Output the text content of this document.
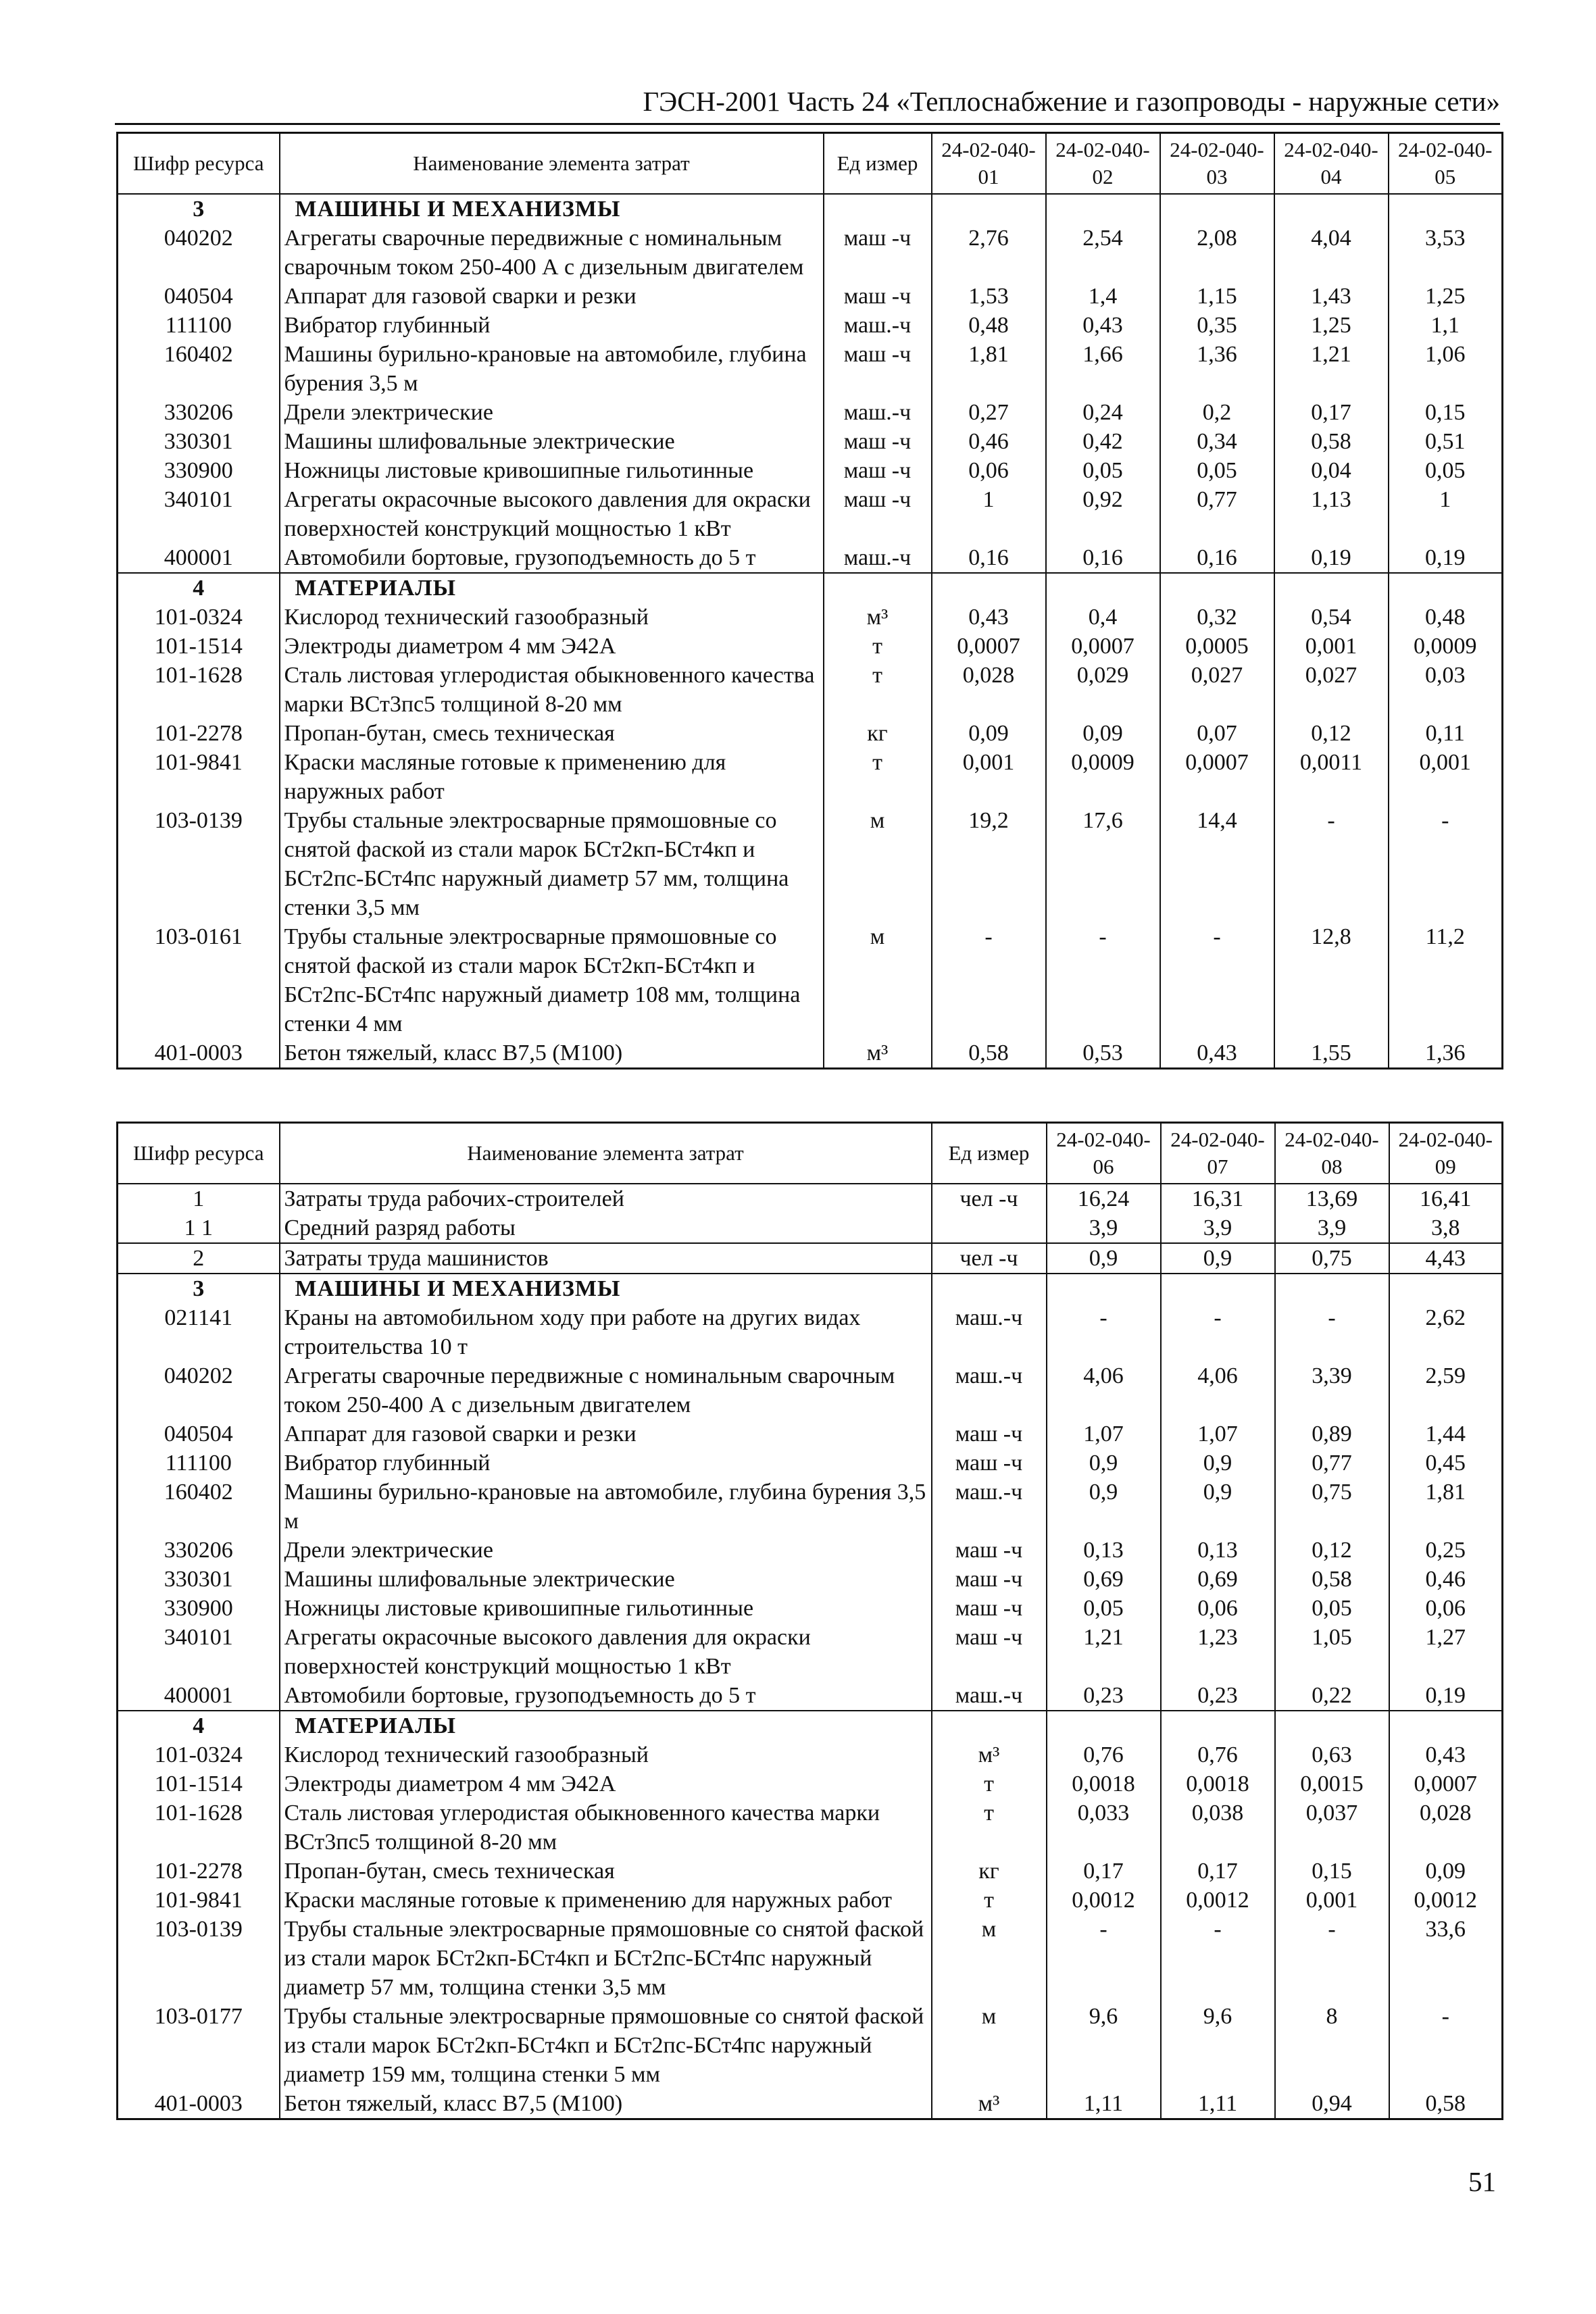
ГЭСН-2001 Часть 24 «Теплоснабжение и газопроводы - наружные сети»
Шифр ресурса	Наименование элемента затрат	Ед измер	24-02-040-01	24-02-040-02	24-02-040-03	24-02-040-04	24-02-040-05
3	МАШИНЫ И МЕХАНИЗМЫ						
040202	Агрегаты сварочные передвижные с номинальным сварочным током 250-400 А с дизельным двигателем	маш -ч	2,76	2,54	2,08	4,04	3,53
040504	Аппарат для газовой сварки и резки	маш -ч	1,53	1,4	1,15	1,43	1,25
111100	Вибратор глубинный	маш.-ч	0,48	0,43	0,35	1,25	1,1
160402	Машины бурильно-крановые на автомобиле, глубина бурения 3,5 м	маш -ч	1,81	1,66	1,36	1,21	1,06
330206	Дрели электрические	маш.-ч	0,27	0,24	0,2	0,17	0,15
330301	Машины шлифовальные электрические	маш -ч	0,46	0,42	0,34	0,58	0,51
330900	Ножницы листовые кривошипные гильотинные	маш -ч	0,06	0,05	0,05	0,04	0,05
340101	Агрегаты окрасочные высокого давления для окраски поверхностей конструкций мощностью 1 кВт	маш -ч	1	0,92	0,77	1,13	1
400001	Автомобили бортовые, грузоподъемность до 5 т	маш.-ч	0,16	0,16	0,16	0,19	0,19
4	МАТЕРИАЛЫ						
101-0324	Кислород технический газообразный	м³	0,43	0,4	0,32	0,54	0,48
101-1514	Электроды диаметром 4 мм Э42А	т	0,0007	0,0007	0,0005	0,001	0,0009
101-1628	Сталь листовая углеродистая обыкновенного качества марки ВСт3пс5 толщиной 8-20 мм	т	0,028	0,029	0,027	0,027	0,03
101-2278	Пропан-бутан, смесь техническая	кг	0,09	0,09	0,07	0,12	0,11
101-9841	Краски масляные готовые к применению для наружных работ	т	0,001	0,0009	0,0007	0,0011	0,001
103-0139	Трубы стальные электросварные прямошовные со снятой фаской из стали марок БСт2кп-БСт4кп и БСт2пс-БСт4пс наружный диаметр 57 мм, толщина стенки 3,5 мм	м	19,2	17,6	14,4	-	-
103-0161	Трубы стальные электросварные прямошовные со снятой фаской из стали марок БСт2кп-БСт4кп и БСт2пс-БСт4пс наружный диаметр 108 мм, толщина стенки 4 мм	м	-	-	-	12,8	11,2
401-0003	Бетон тяжелый, класс В7,5 (М100)	м³	0,58	0,53	0,43	1,55	1,36
Шифр ресурса	Наименование элемента затрат	Ед измер	24-02-040-06	24-02-040-07	24-02-040-08	24-02-040-09
1	Затраты труда рабочих-строителей	чел -ч	16,24	16,31	13,69	16,41
1 1	Средний разряд работы		3,9	3,9	3,9	3,8
2	Затраты труда машинистов	чел -ч	0,9	0,9	0,75	4,43
3	МАШИНЫ И МЕХАНИЗМЫ					
021141	Краны на автомобильном ходу при работе на других видах строительства 10 т	маш.-ч	-	-	-	2,62
040202	Агрегаты сварочные передвижные с номинальным сварочным током 250-400 А с дизельным двигателем	маш.-ч	4,06	4,06	3,39	2,59
040504	Аппарат для газовой сварки и резки	маш -ч	1,07	1,07	0,89	1,44
111100	Вибратор глубинный	маш -ч	0,9	0,9	0,77	0,45
160402	Машины бурильно-крановые на автомобиле, глубина бурения 3,5 м	маш.-ч	0,9	0,9	0,75	1,81
330206	Дрели электрические	маш -ч	0,13	0,13	0,12	0,25
330301	Машины шлифовальные электрические	маш -ч	0,69	0,69	0,58	0,46
330900	Ножницы листовые кривошипные гильотинные	маш -ч	0,05	0,06	0,05	0,06
340101	Агрегаты окрасочные высокого давления для окраски поверхностей конструкций мощностью 1 кВт	маш -ч	1,21	1,23	1,05	1,27
400001	Автомобили бортовые, грузоподъемность до 5 т	маш.-ч	0,23	0,23	0,22	0,19
4	МАТЕРИАЛЫ					
101-0324	Кислород технический газообразный	м³	0,76	0,76	0,63	0,43
101-1514	Электроды диаметром 4 мм Э42А	т	0,0018	0,0018	0,0015	0,0007
101-1628	Сталь листовая углеродистая обыкновенного качества марки ВСт3пс5 толщиной 8-20 мм	т	0,033	0,038	0,037	0,028
101-2278	Пропан-бутан, смесь техническая	кг	0,17	0,17	0,15	0,09
101-9841	Краски масляные готовые к применению для наружных работ	т	0,0012	0,0012	0,001	0,0012
103-0139	Трубы стальные электросварные прямошовные со снятой фаской из стали марок БСт2кп-БСт4кп и БСт2пс-БСт4пс наружный диаметр 57 мм, толщина стенки 3,5 мм	м	-	-	-	33,6
103-0177	Трубы стальные электросварные прямошовные со снятой фаской из стали марок БСт2кп-БСт4кп и БСт2пс-БСт4пс наружный диаметр 159 мм, толщина стенки 5 мм	м	9,6	9,6	8	-
401-0003	Бетон тяжелый, класс В7,5 (М100)	м³	1,11	1,11	0,94	0,58
51
